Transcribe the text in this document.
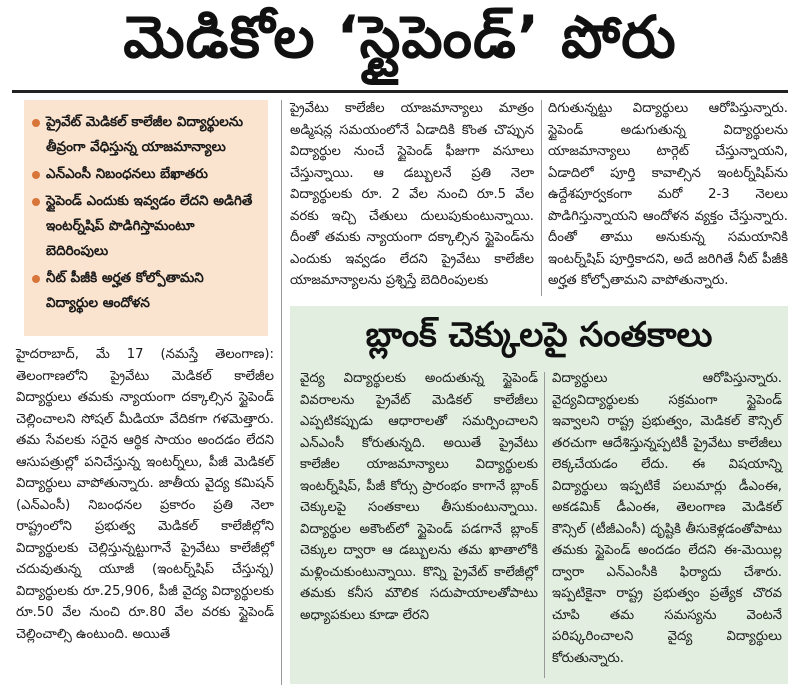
మెడికోల ‘స్టైపెండ్’ పోరు
ప్రైవేట్ మెడికల్ కాలేజీల విద్యార్థులను తీవ్రంగా వేధిస్తున్న యాజమాన్యాలు
ఎన్ఎంసీ నిబంధనలు బేఖాతరు
స్టైపెండ్ ఎందుకు ఇవ్వడం లేదని అడిగితే ఇంటర్న్‌షిప్ పొడిగిస్తామంటూ బెదిరింపులు
నీట్ పీజీకి అర్హత కోల్పోతామని విద్యార్థుల ఆందోళన

హైదరాబాద్, మే 17 (నమస్తే తెలంగాణ): తెలంగాణలోని ప్రైవేటు మెడికల్ కాలేజీల విద్యార్థులు తమకు న్యాయంగా దక్కాల్సిన స్టైపెండ్ చెల్లించాలని సోషల్ మీడియా వేదికగా గళమెత్తారు. తమ సేవలకు సరైన ఆర్థిక సాయం అందడం లేదని ఆసుపత్రుల్లో పనిచేస్తున్న ఇంటర్న్‌లు, పీజీ మెడికల్ విద్యార్థులు వాపోతున్నారు. జాతీయ వైద్య కమిషన్ (ఎన్ఎంసీ) నిబంధనల ప్రకారం ప్రతి నెలా రాష్ట్రంలోని ప్రభుత్వ మెడికల్ కాలేజీల్లోని విద్యార్థులకు చెల్లిస్తున్నట్టుగానే ప్రైవేటు కాలేజీల్లో చదువుతున్న యూజీ (ఇంటర్న్‌షిప్ చేస్తున్న) విద్యార్థులకు రూ.25,906, పీజీ వైద్య విద్యార్థులకు రూ.50 వేల నుంచి రూ.80 వేల వరకు స్టైపెండ్ చెల్లించాల్సి ఉంటుంది. అయితే

ప్రైవేటు కాలేజీల యాజమాన్యాలు మాత్రం అడ్మిషన్ల సమయంలోనే ఏడాదికి కొంత చొప్పున విద్యార్థుల నుంచే స్టైపెండ్ ఫీజుగా వసూలు చేస్తున్నాయి. ఆ డబ్బులనే ప్రతి నెలా విద్యార్థులకు రూ. 2 వేల నుంచి రూ.5 వేల వరకు ఇచ్చి చేతులు దులుపుకుంటున్నాయి. దీంతో తమకు న్యాయంగా దక్కాల్సిన స్టైపెండ్‌ను ఎందుకు ఇవ్వడం లేదని ప్రైవేటు కాలేజీల యాజమాన్యాలను ప్రశ్నిస్తే బెదిరింపులకు

దిగుతున్నట్టు విద్యార్థులు ఆరోపిస్తున్నారు. స్టైపెండ్ అడుగుతున్న విద్యార్థులను యాజమాన్యాలు టార్గెట్ చేస్తున్నాయని, ఏడాదిలో పూర్తి కావాల్సిన ఇంటర్న్‌షిప్‌ను ఉద్దేశపూర్వకంగా మరో 2-3 నెలలు పొడిగిస్తున్నాయని ఆందోళన వ్యక్తం చేస్తున్నారు. దీంతో తాము అనుకున్న సమయానికి ఇంటర్న్‌షిప్ పూర్తికాదని, అదే జరిగితే నీట్ పీజీకి అర్హత కోల్పోతామని వాపోతున్నారు.

బ్లాంక్ చెక్కులపై సంతకాలు

వైద్య విద్యార్థులకు అందుతున్న స్టైపెండ్ వివరాలను ప్రైవేట్ మెడికల్ కాలేజీలు ఎప్పటికప్పుడు ఆధారాలతో సమర్పించాలని ఎన్ఎంసీ కోరుతున్నది. అయితే ప్రైవేటు కాలేజీల యాజమాన్యాలు విద్యార్థులకు ఇంటర్న్‌షిప్, పీజీ కోర్సు ప్రారంభం కాగానే బ్లాంక్ చెక్కులపై సంతకాలు తీసుకుంటున్నాయి. విద్యార్థుల అకౌంట్‌లో స్టైపెండ్ పడగానే బ్లాంక్ చెక్కుల ద్వారా ఆ డబ్బులను తమ ఖాతాలోకి మళ్లించుకుంటున్నాయి. కొన్ని ప్రైవేట్ కాలేజీల్లో తమకు కనీస మౌలిక సదుపాయాలతోపాటు అధ్యాపకులు కూడా లేరని

విద్యార్థులు ఆరోపిస్తున్నారు. వైద్యవిద్యార్థులకు సక్రమంగా స్టైపెండ్ ఇవ్వాలని రాష్ట్ర ప్రభుత్వం, మెడికల్ కౌన్సిల్ తరచుగా ఆదేశిస్తున్నప్పటికీ ప్రైవేటు కాలేజీలు లెక్కచేయడం లేదు. ఈ విషయాన్ని విద్యార్థులు ఇప్పటికే పలుమార్లు డీఎంఈ, అకడమిక్ డీఎంఈ, తెలంగాణ మెడికల్ కౌన్సిల్ (టీజీఎంసీ) దృష్టికి తీసుకెళ్లడంతోపాటు తమకు స్టైపెండ్ అందడం లేదని ఈ-మెయిల్ల ద్వారా ఎన్ఎంసీకి ఫిర్యాదు చేశారు. ఇప్పటికైనా రాష్ట్ర ప్రభుత్వం ప్రత్యేక చొరవ చూపి తమ సమస్యను వెంటనే పరిష్కరించాలని వైద్య విద్యార్థులు కోరుతున్నారు.
